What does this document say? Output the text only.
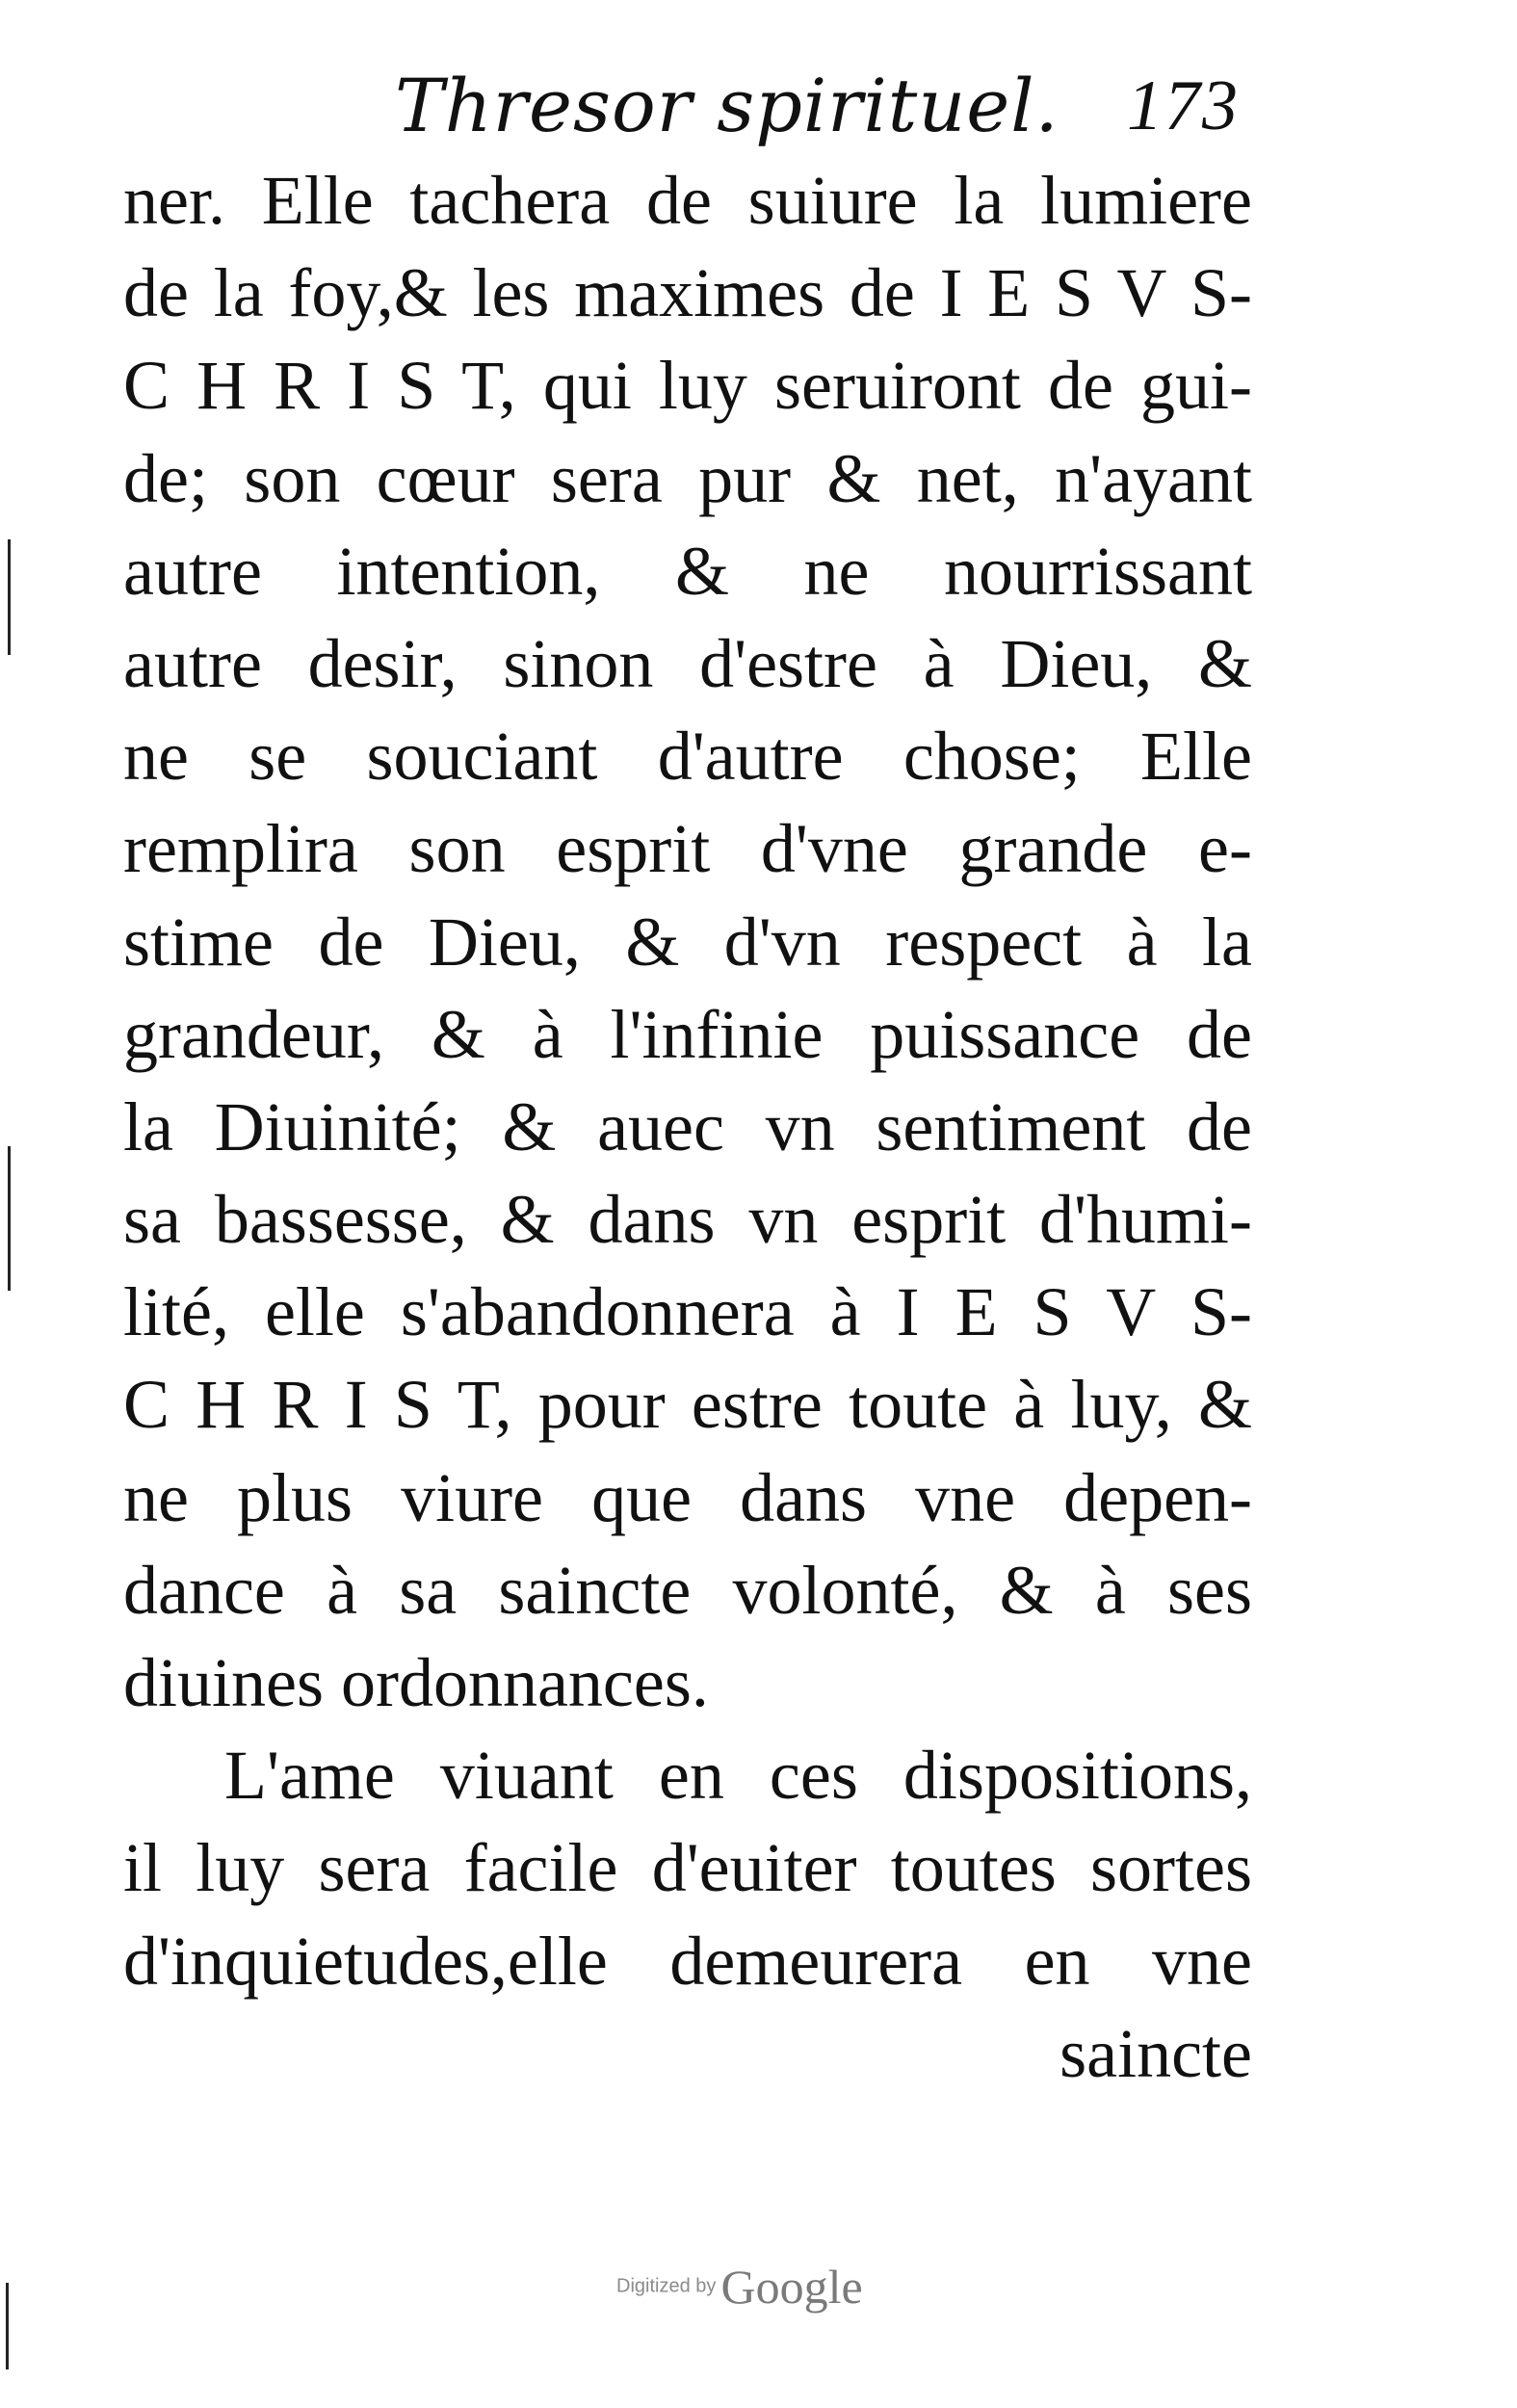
Thresor spirituel. 173
ner. Elle tachera de suiure la lumiere
de la foy,& les maximes de I E S V S-
C H R I S T, qui luy seruiront de gui-
de; son cœur sera pur & net, n'ayant
autre intention, & ne nourrissant
autre desir, sinon d'estre à Dieu, &
ne se souciant d'autre chose; Elle
remplira son esprit d'vne grande e-
stime de Dieu, & d'vn respect à la
grandeur, & à l'infinie puissance de
la Diuinité; & auec vn sentiment de
sa bassesse, & dans vn esprit d'humi-
lité, elle s'abandonnera à I E S V S-
C H R I S T, pour estre toute à luy, &
ne plus viure que dans vne depen-
dance à sa saincte volonté, & à ses
diuines ordonnances.
L'ame viuant en ces dispositions,
il luy sera facile d'euiter toutes sortes
d'inquietudes,elle demeurera en vne
saincte
Digitized by Google
